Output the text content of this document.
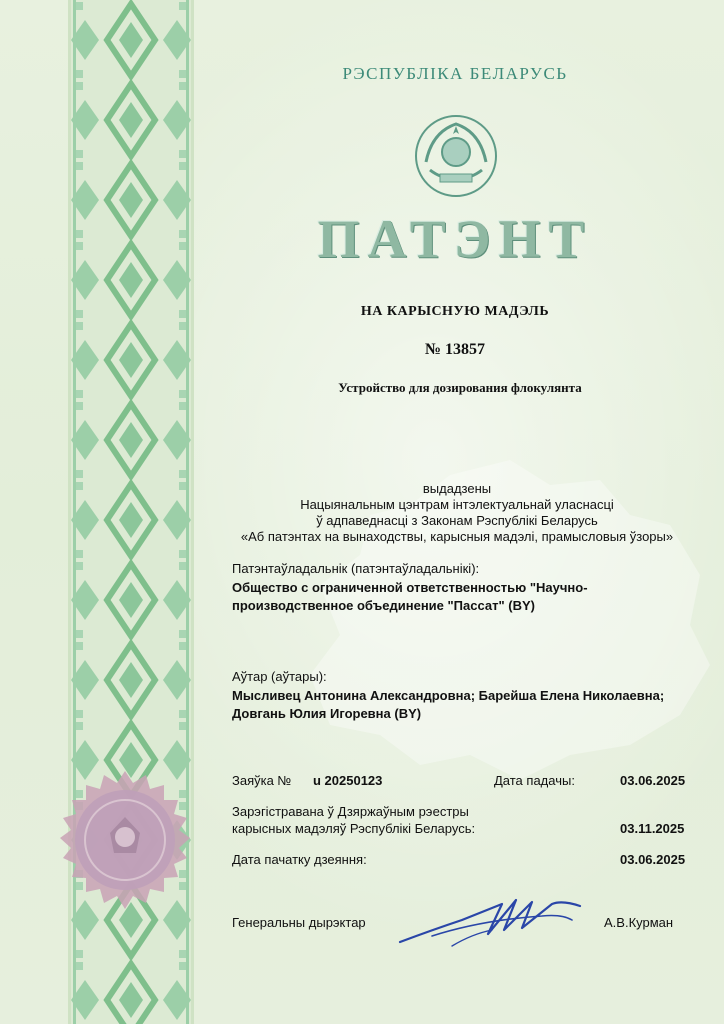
РЭСПУБЛІКА БЕЛАРУСЬ
ПАТЭНТ
НА КАРЫСНУЮ МАДЭЛЬ
№ 13857
Устройство для дозирования флокулянта
выдадзены
Нацыянальным цэнтрам інтэлектуальнай уласнасці
ў адпаведнасці з Законам Рэспублікі Беларусь
«Аб патэнтах на вынаходствы, карысныя мадэлі, прамысловыя ўзоры»
Патэнтаўладальнік (патэнтаўладальнікі):
Общество с ограниченной ответственностью "Научно-
производственное объединение "Пассат" (BY)
Аўтар (аўтары):
Мысливец Антонина Александровна; Барейша Елена Николаевна;
Довгань Юлия Игоревна (BY)
Заяўка № u 20250123	Дата падачы:	03.06.2025
Зарэгістравана ў Дзяржаўным рэестры
карысных мадэляў Рэспублікі Беларусь:	03.11.2025
Дата пачатку дзеяння:	03.06.2025
Генеральны дырэктар	А.В.Курман
